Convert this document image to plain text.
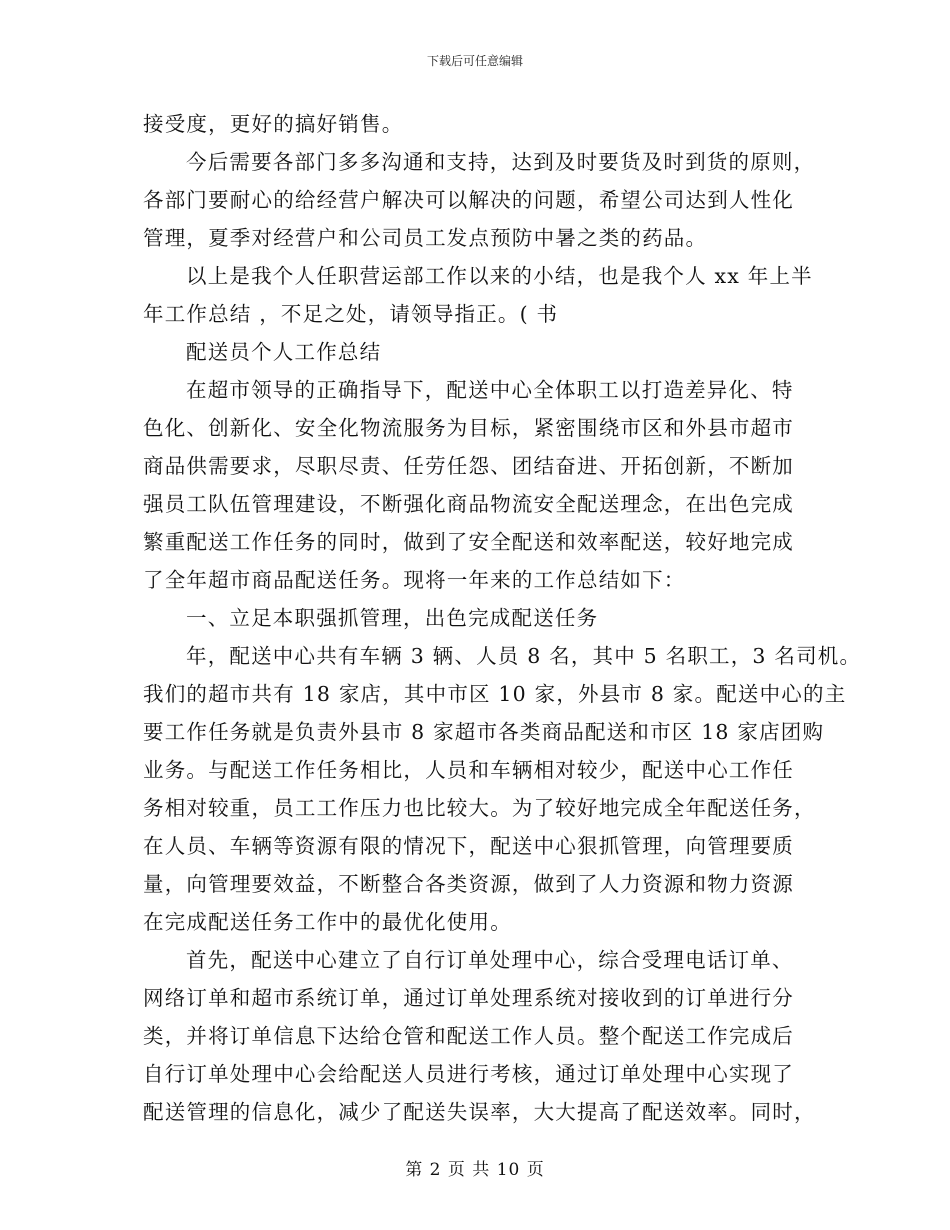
下载后可任意编辑
接受度，更好的搞好销售。
今后需要各部门多多沟通和支持，达到及时要货及时到货的原则，
各部门要耐心的给经营户解决可以解决的问题，希望公司达到人性化
管理，夏季对经营户和公司员工发点预防中暑之类的药品。
以上是我个人任职营运部工作以来的小结，也是我个人 xx 年上半
年工作总结 ，不足之处，请领导指正。( 书
配送员个人工作总结
在超市领导的正确指导下，配送中心全体职工以打造差异化、特
色化、创新化、安全化物流服务为目标，紧密围绕市区和外县市超市
商品供需要求，尽职尽责、任劳任怨、团结奋进、开拓创新，不断加
强员工队伍管理建设，不断强化商品物流安全配送理念，在出色完成
繁重配送工作任务的同时，做到了安全配送和效率配送，较好地完成
了全年超市商品配送任务。现将一年来的工作总结如下：
一、立足本职强抓管理，出色完成配送任务
年，配送中心共有车辆 3 辆、人员 8 名，其中 5 名职工，3 名司机。
我们的超市共有 18 家店，其中市区 10 家，外县市 8 家。配送中心的主
要工作任务就是负责外县市 8 家超市各类商品配送和市区 18 家店团购
业务。与配送工作任务相比，人员和车辆相对较少，配送中心工作任
务相对较重，员工工作压力也比较大。为了较好地完成全年配送任务，
在人员、车辆等资源有限的情况下，配送中心狠抓管理，向管理要质
量，向管理要效益，不断整合各类资源，做到了人力资源和物力资源
在完成配送任务工作中的最优化使用。
首先，配送中心建立了自行订单处理中心，综合受理电话订单、
网络订单和超市系统订单，通过订单处理系统对接收到的订单进行分
类，并将订单信息下达给仓管和配送工作人员。整个配送工作完成后
自行订单处理中心会给配送人员进行考核，通过订单处理中心实现了
配送管理的信息化，减少了配送失误率，大大提高了配送效率。同时，
第 2 页 共 10 页
